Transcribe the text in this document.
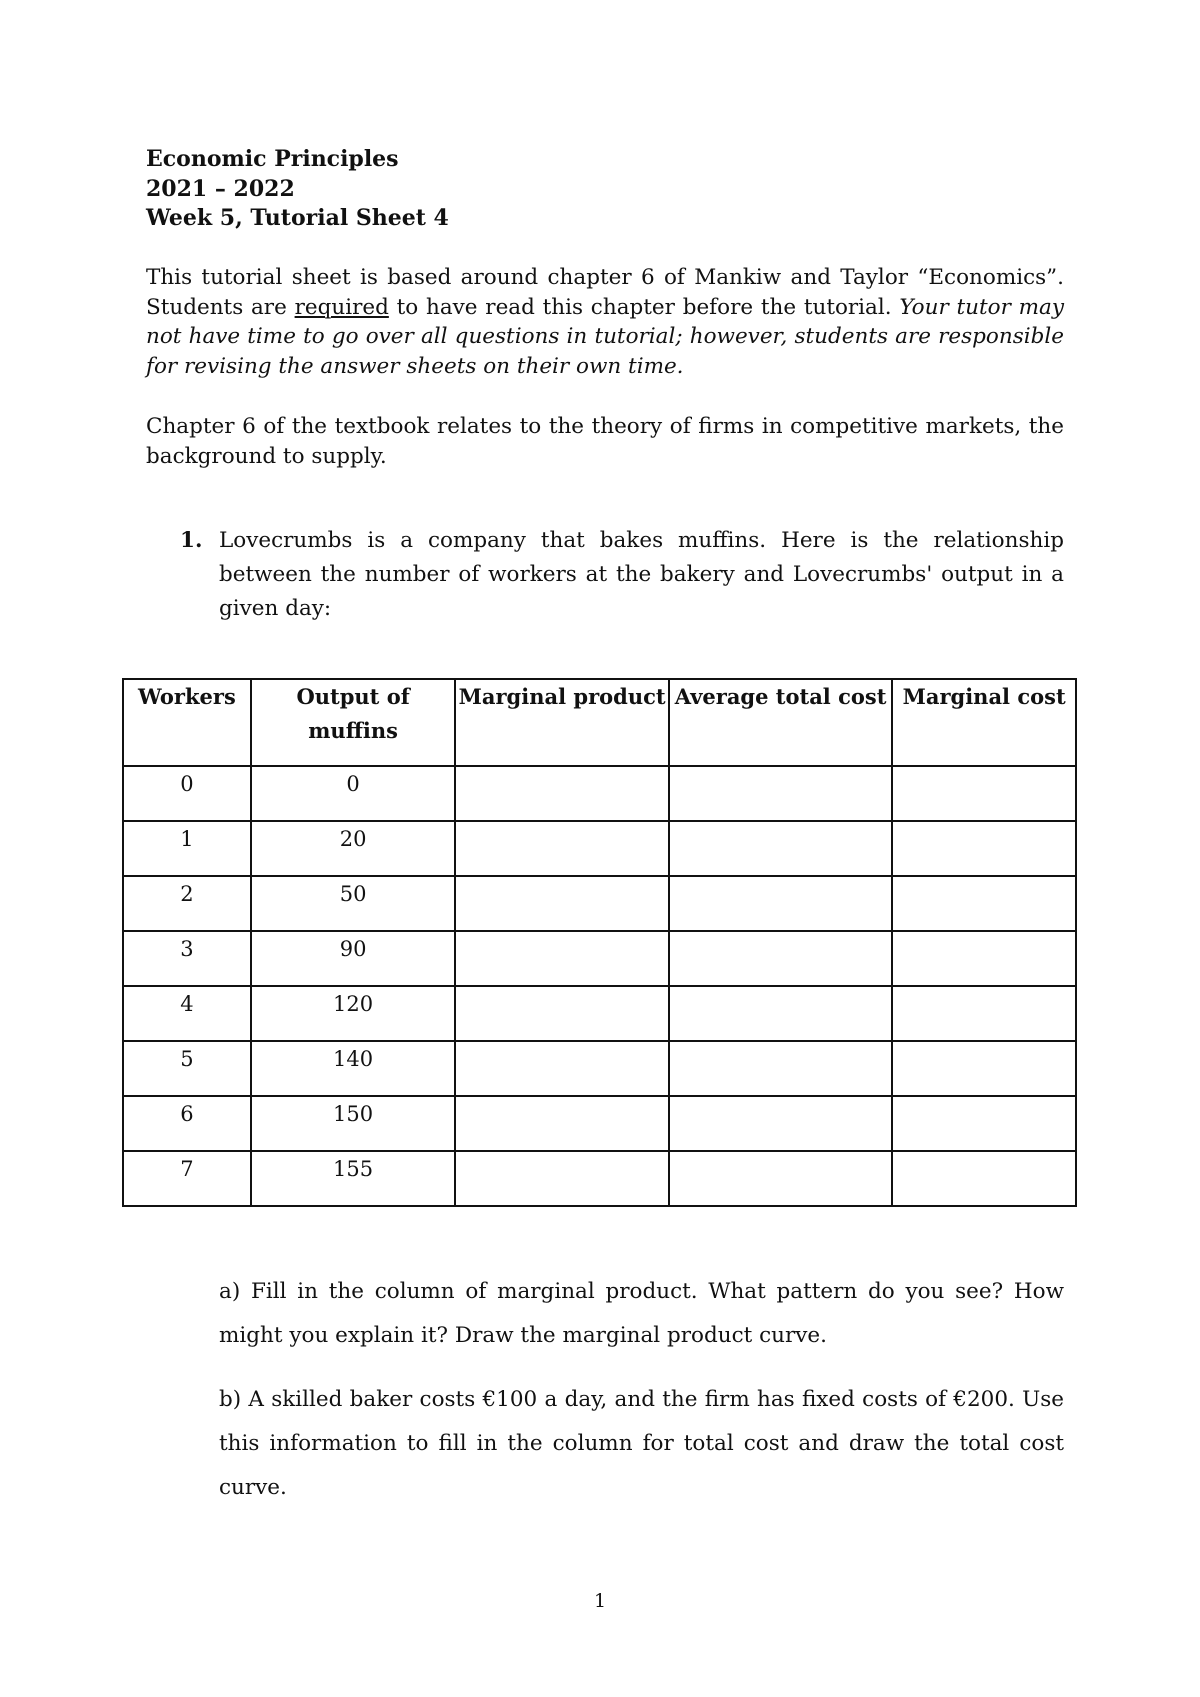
Economic Principles
2021 – 2022
Week 5, Tutorial Sheet 4
This tutorial sheet is based around chapter 6 of Mankiw and Taylor “Economics”. Students are required to have read this chapter before the tutorial. Your tutor may not have time to go over all questions in tutorial; however, students are responsible for revising the answer sheets on their own time.
Chapter 6 of the textbook relates to the theory of firms in competitive markets, the background to supply.
1. Lovecrumbs is a company that bakes muffins. Here is the relationship between the number of workers at the bakery and Lovecrumbs' output in a given day:
Workers	Output of muffins	Marginal product	Average total cost	Marginal cost
0	0			
1	20			
2	50			
3	90			
4	120			
5	140			
6	150			
7	155			
a) Fill in the column of marginal product. What pattern do you see? How might you explain it? Draw the marginal product curve.
b) A skilled baker costs €100 a day, and the firm has fixed costs of €200. Use this information to fill in the column for total cost and draw the total cost curve.
1
